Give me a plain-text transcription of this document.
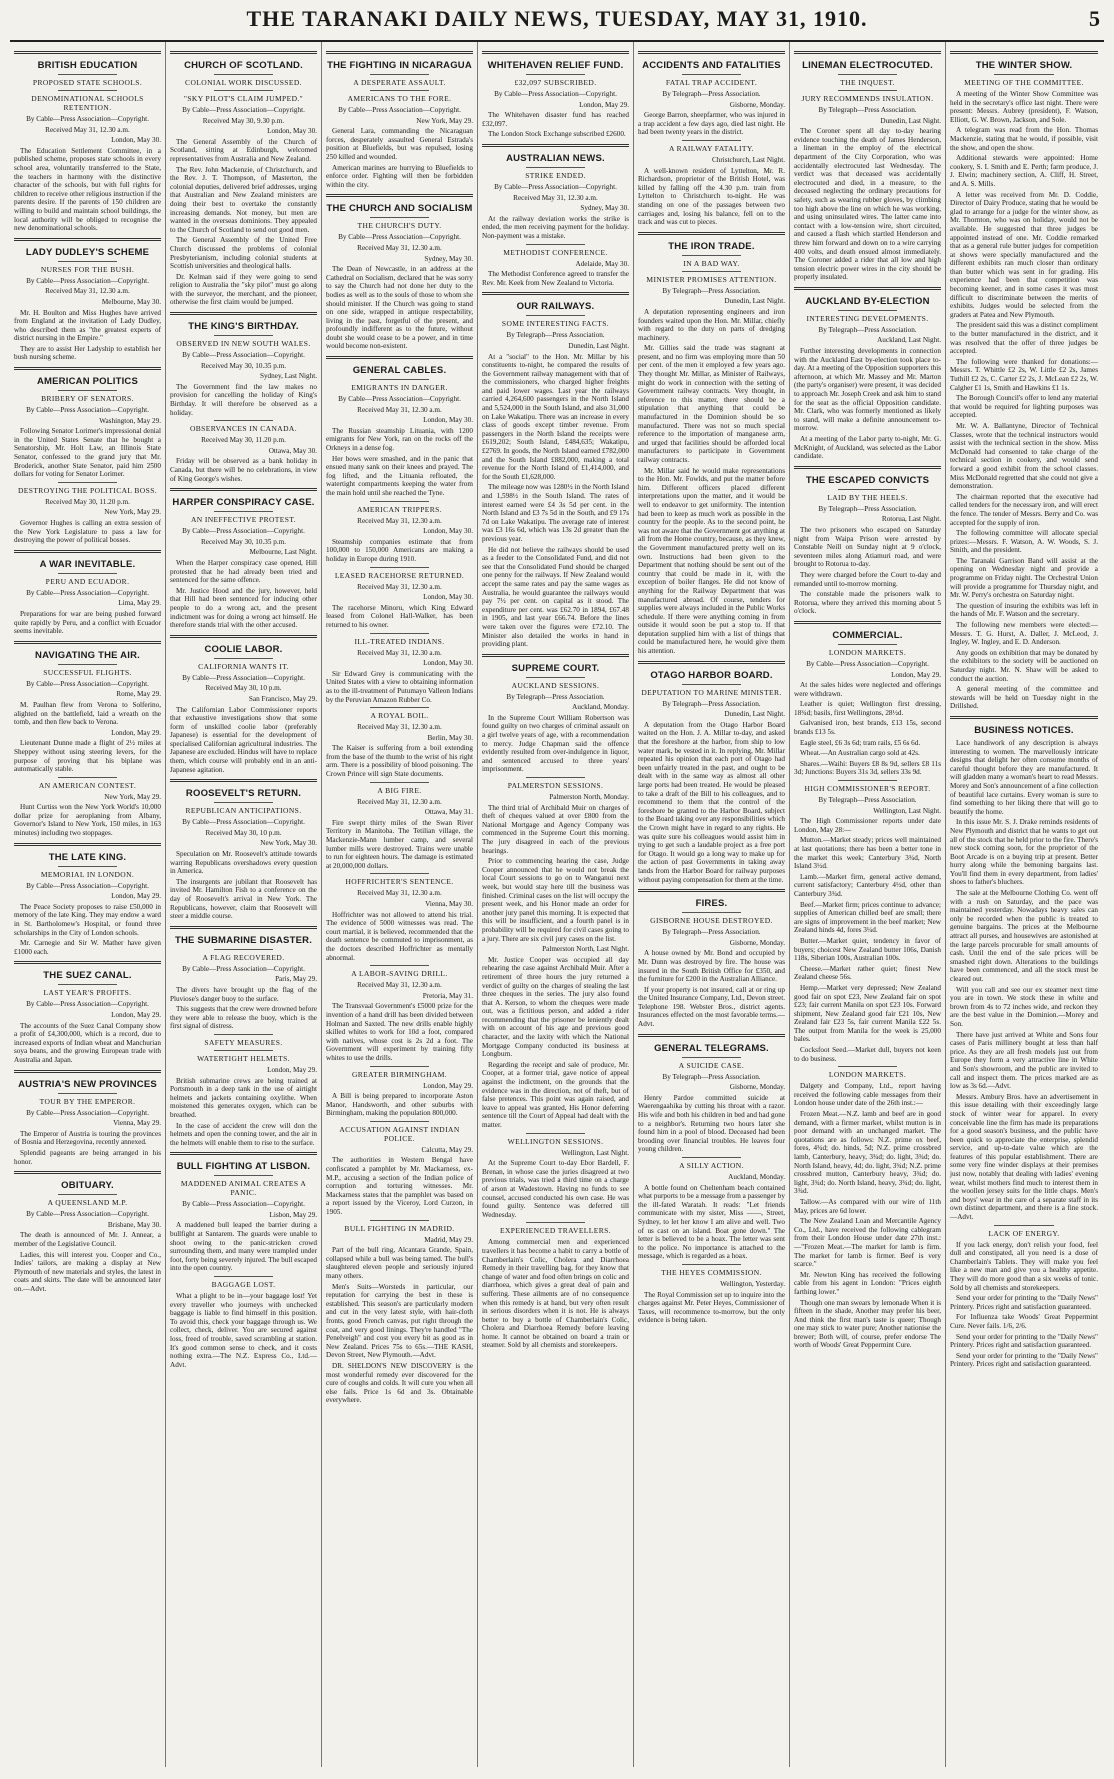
THE TARANAKI DAILY NEWS, TUESDAY, MAY 31, 1910.	5
BRITISH EDUCATION
PROPOSED STATE SCHOOLS.
DENOMINATIONAL SCHOOLS RETENTION.

By Cable—Press Association—Copyright.

Received May 31, 12.30 a.m.

London, May 30.

The Education Settlement Committee, in a published scheme, proposes state schools in every school area, voluntarily transferred to the State, the teachers in harmony with the distinctive character of the schools, but with full rights for children to receive other religious instruction if the parents desire. If the parents of 150 children are willing to build and maintain school buildings, the local authority will be obliged to recognise the new denominational schools.

LADY DUDLEY'S SCHEME
NURSES FOR THE BUSH.

By Cable—Press Association—Copyright.

Received May 31, 12.30 a.m.

Melbourne, May 30.

Mr. H. Boulton and Miss Hughes have arrived from England at the invitation of Lady Dudley, who described them as "the greatest experts of district nursing in the Empire."

They are to assist Her Ladyship to establish her bush nursing scheme.

AMERICAN POLITICS
BRIBERY OF SENATORS.

By Cable—Press Association—Copyright.

Washington, May 29.

Following Senator Lorimer's impressional denial in the United States Senate that he bought a Senatorship, Mr. Holt Law, an Illinois State Senator, confessed to the grand jury that Mr. Broderick, another State Senator, paid him 2500 dollars for voting for Senator Lorimer.

DESTROYING THE POLITICAL BOSS.

Received May 30, 11.20 p.m.

New York, May 29.

Governor Hughes is calling an extra session of the New York Legislature to pass a law for destroying the power of political bosses.

A WAR INEVITABLE.
PERU AND ECUADOR.

By Cable—Press Association—Copyright.

Lima, May 29.

Preparations for war are being pushed forward quite rapidly by Peru, and a conflict with Ecuador seems inevitable.

NAVIGATING THE AIR.
SUCCESSFUL FLIGHTS.

By Cable—Press Association—Copyright.

Rome, May 29.

M. Paulhan flew from Verona to Solferino, alighted on the battlefield, laid a wreath on the tomb, and then flew back to Verona.

London, May 29.

Lieutenant Dunne made a flight of 2½ miles at Sheppey without using steering levers, for the purpose of proving that his biplane was automatically stable.

AN AMERICAN CONTEST.

New York, May 29.

Hunt Curtiss won the New York World's 10,000 dollar prize for aeroplaning from Albany, Governor's Island to New York, 150 miles, in 163 minutes) including two stoppages.

THE LATE KING.
MEMORIAL IN LONDON.

By Cable—Press Association—Copyright.

London, May 29.

The Peace Society proposes to raise £50,000 in memory of the late King. They may endow a ward in St. Bartholomew's Hospital, or found three scholarships in the City of London schools.

Mr. Carnegie and Sir W. Mather have given £1000 each.

THE SUEZ CANAL.
LAST YEAR'S PROFITS.

By Cable—Press Association—Copyright.

London, May 29.

The accounts of the Suez Canal Company show a profit of £4,300,000, which is a record, due to increased exports of Indian wheat and Manchurian soya beans, and the growing European trade with Australia and Japan.

AUSTRIA'S NEW PROVINCES
TOUR BY THE EMPEROR.

By Cable—Press Association—Copyright.

Vienna, May 29.

The Emperor of Austria is touring the provinces of Bosnia and Herzegovina, recently annexed.

Splendid pageants are being arranged in his honor.

OBITUARY.
A QUEENSLAND M.P.

By Cable—Press Association—Copyright.

Brisbane, May 30.

The death is announced of Mr. J. Annear, a member of the Legislative Council.

Ladies, this will interest you. Cooper and Co., Indies' tailors, are making a display at New Plymouth of new materials and styles, the latest in coats and skirts. The date will be announced later on.—Advt.

CHURCH OF SCOTLAND.
COLONIAL WORK DISCUSSED.
"SKY PILOT'S CLAIM JUMPED."

By Cable—Press Association—Copyright.

Received May 30, 9.30 p.m.

London, May 30.

The General Assembly of the Church of Scotland, sitting at Edinburgh, welcomed representatives from Australia and New Zealand.

The Rev. John Mackenzie, of Christchurch, and the Rev. J. T. Thompson, of Masterton, the colonial deputies, delivered brief addresses, urging that Australian and New Zealand ministers are doing their best to overtake the constantly increasing demands. Not money, but men are wanted in the overseas dominions. They appealed to the Church of Scotland to send out good men.

The General Assembly of the United Free Church discussed the problems of colonial Presbyterianism, including colonial students at Scottish universities and theological halls.

Dr. Kelman said if they were going to send religion to Australia the "sky pilot" must go along with the surveyor, the merchant, and the pioneer, otherwise the first claim would be jumped.

THE KING'S BIRTHDAY.
OBSERVED IN NEW SOUTH WALES.

By Cable—Press Association—Copyright.

Received May 30, 10.35 p.m.

Sydney, Last Night.

The Government find the law makes no provision for cancelling the holiday of King's Birthday. It will therefore be observed as a holiday.

OBSERVANCES IN CANADA.

Received May 30, 11.20 p.m.

Ottawa, May 30.

Friday will be observed as a bank holiday in Canada, but there will be no celebrations, in view of King George's wishes.

HARPER CONSPIRACY CASE.
AN INEFFECTIVE PROTEST.

By Cable—Press Association—Copyright.

Received May 30, 10.35 p.m.

Melbourne, Last Night.

When the Harper conspiracy case opened, Hill protested that he had already been tried and sentenced for the same offence.

Mr. Justice Hood and the jury, however, held that Hill had been sentenced for inducing other people to do a wrong act, and the present indictment was for doing a wrong act himself. He therefore stands trial with the other accused.

COOLIE LABOR.
CALIFORNIA WANTS IT.

By Cable—Press Association—Copyright.

Received May 30, 10 p.m.

San Francisco, May 29.

The Californian Labor Commissioner reports that exhaustive investigations show that some form of unskilled coolie labor (preferably Japanese) is essential for the development of specialised Californian agricultural industries. The Japanese are excluded. Hindus will have to replace them, which course will probably end in an anti-Japanese agitation.

ROOSEVELT'S RETURN.
REPUBLICAN ANTICIPATIONS.

By Cable—Press Association—Copyright.

Received May 30, 10 p.m.

New York, May 30.

Speculation on Mr. Roosevelt's attitude towards warring Republicans overshadows every question in America.

The insurgents are jubilant that Roosevelt has invited Mr. Hamilton Fish to a conference on the day of Roosevelt's arrival in New York. The Republicans, however, claim that Roosevelt will steer a middle course.

THE SUBMARINE DISASTER.
A FLAG RECOVERED.

By Cable—Press Association—Copyright.

Paris, May 29.

The divers have brought up the flag of the Pluviose's danger buoy to the surface.

This suggests that the crew were drowned before they were able to release the buoy, which is the first signal of distress.

SAFETY MEASURES.
WATERTIGHT HELMETS.

London, May 29.

British submarine crews are being trained at Portsmouth in a deep tank in the use of airtight helmets and jackets containing oxylithe. When moistened this generates oxygen, which can be breathed.

In the case of accident the crew will don the helmets and open the conning tower, and the air in the helmets will enable them to rise to the surface.

BULL FIGHTING AT LISBON.
MADDENED ANIMAL CREATES A PANIC.

By Cable—Press Association—Copyright.

Lisbon, May 29.

A maddened bull leaped the barrier during a bullfight at Santarem. The guards were unable to shoot owing to the panic-stricken crowd surrounding them, and many were trampled under foot, forty being severely injured. The bull escaped into the open country.

BAGGAGE LOST.

What a plight to be in—your baggage lost! Yet every traveller who journeys with unchecked baggage is liable to find himself in this position. To avoid this, check your baggage through us. We collect, check, deliver. You are secured against loss, freed of trouble, saved scrambling at station. It's good common sense to check, and it costs nothing extra.—The N.Z. Express Co., Ltd.—Advt.

THE FIGHTING IN NICARAGUA
A DESPERATE ASSAULT.
AMERICANS TO THE FORE.

By Cable—Press Association—Copyright.

New York, May 29.

General Lara, commanding the Nicaraguan forces, desperately assaulted General Estrada's position at Bluefields, but was repulsed, losing 250 killed and wounded.

American marines are hurrying to Bluefields to enforce order. Fighting will then be forbidden within the city.

THE CHURCH AND SOCIALISM
THE CHURCH'S DUTY.

By Cable—Press Association—Copyright.

Received May 31, 12.30 a.m.

Sydney, May 30.

The Dean of Newcastle, in an address at the Cathedral on Socialism, declared that he was sorry to say the Church had not done her duty to the bodies as well as to the souls of those to whom she should minister. If the Church was going to stand on one side, wrapped in antique respectability, living in the past, forgetful of the present, and profoundly indifferent as to the future, without doubt she would cease to be a power, and in time would become non-existent.

GENERAL CABLES.
EMIGRANTS IN DANGER.

By Cable—Press Association—Copyright.

Received May 31, 12.30 a.m.

London, May 30.

The Russian steamship Lituania, with 1200 emigrants for New York, ran on the rocks off the Orkneys in a dense fog.

Her bows were smashed, and in the panic that ensued many sank on their knees and prayed. The fog lifted, and the Lituania refloated, the watertight compartments keeping the water from the main hold until she reached the Tyne.

AMERICAN TRIPPERS.

Received May 31, 12.30 a.m.

London, May 30.

Steamship companies estimate that from 100,000 to 150,000 Americans are making a holiday in Europe during 1910.

LEASED RACEHORSE RETURNED.

Received May 31, 12.30 a.m.

London, May 30.

The racehorse Minoru, which King Edward leased from Colonel Hall-Walker, has been returned to his owner.

ILL-TREATED INDIANS.

Received May 31, 12.30 a.m.

London, May 30.

Sir Edward Grey is communicating with the United States with a view to obtaining information as to the ill-treatment of Putumayo Valleon Indians by the Peruvian Amazon Rubber Co.

A ROYAL BOIL.

Received May 31, 12.30 a.m.

Berlin, May 30.

The Kaiser is suffering from a boil extending from the base of the thumb to the wrist of his right arm. There is a possibility of blood poisoning. The Crown Prince will sign State documents.

A BIG FIRE.

Received May 31, 12.30 a.m.

Ottawa, May 31.

Fire swept thirty miles of the Swan River Territory in Manitoba. The Tetilian village, the Mackenzie-Mann lumber camp, and several lumber mills were destroyed. Trains were unable to run for eighteen hours. The damage is estimated at 20,000,000 dollars.

HOFFRICHTER'S SENTENCE.

Received May 31, 12.30 a.m.

Vienna, May 30.

Hoffrichter was not allowed to attend his trial. The evidence of 5000 witnesses was read. The court martial, it is believed, recommended that the death sentence be commuted to imprisonment, as the doctors described Hoffrichter as mentally abnormal.

A LABOR-SAVING DRILL.

Received May 31, 12.30 a.m.

Pretoria, May 31.

The Transvaal Government's £5000 prize for the invention of a hand drill has been divided between Holman and Saxted. The new drills enable highly skilled whites to work for 10d a foot, compared with natives, whose cost is 2s 2d a foot. The Government will experiment by training fifty whites to use the drills.

GREATER BIRMINGHAM.

London, May 29.

A Bill is being prepared to incorporate Aston Manor, Handsworth, and other suburbs with Birmingham, making the population 800,000.

ACCUSATION AGAINST INDIAN POLICE.

Calcutta, May 29.

The authorities in Western Bengal have confiscated a pamphlet by Mr. Mackarness, ex-M.P., accusing a section of the Indian police of corruption and torturing witnesses. Mr. Mackarness states that the pamphlet was based on a report issued by the Viceroy, Lord Curzon, in 1905.

BULL FIGHTING IN MADRID.

Madrid, May 29.

Part of the bull ring, Alcantara Grande, Spain, collapsed while a bull was being tamed. The bull's slaughtered eleven people and seriously injured many others.

Men's Suits—Worsteds in particular, our reputation for carrying the best in these is established. This season's are particularly modern and cut in the very latest style, with hair-cloth fronts, good French canvas, put right through the coat, and very good linings. They're handled "The Penelveigh" and cost you every bit as good as in New Zealand. Prices 75s to 65s.—THE KASH, Devon Street, New Plymouth.—Advt.

DR. SHELDON'S NEW DISCOVERY is the most wonderful remedy ever discovered for the cure of coughs and colds. It will cure you when all else fails. Price 1s 6d and 3s. Obtainable everywhere.

WHITEHAVEN RELIEF FUND.
£32,097 SUBSCRIBED.

By Cable—Press Association—Copyright.

London, May 29.

The Whitehaven disaster fund has reached £32,097.

The London Stock Exchange subscribed £2600.

AUSTRALIAN NEWS.
STRIKE ENDED.

By Cable—Press Association—Copyright.

Received May 31, 12.30 a.m.

Sydney, May 30.

At the railway deviation works the strike is ended, the men receiving payment for the holiday. Non-payment was a mistake.

METHODIST CONFERENCE.

Adelaide, May 30.

The Methodist Conference agreed to transfer the Rev. Mr. Keek from New Zealand to Victoria.

OUR RAILWAYS.
SOME INTERESTING FACTS.

By Telegraph—Press Association.

Dunedin, Last Night.

At a "social" to the Hon. Mr. Millar by his constituents to-night, he compared the results of the Government railway management with that of the commissioners, who charged higher freights and paid lower wages. Last year the railways carried 4,264,600 passengers in the North Island and 5,524,000 in the South Island, and also 31,000 on Lake Wakatipu. There was an increase in every class of goods except timber revenue. From passengers in the North Island the receipts were £619,202; South Island, £484,635; Wakatipu, £2769. In goods, the North Island earned £782,000 and the South Island £882,000, making a total revenue for the North Island of £1,414,000, and for the South £1,628,000.

The mileage now was 1280½ in the North Island and 1,598½ in the South Island. The rates of interest earned were £4 3s 5d per cent. in the North Island and £3 7s 5d in the South, and £9 17s 7d on Lake Wakatipu. The average rate of interest was £3 16s 6d, which was 13s 2d greater than the previous year.

He did not believe the railways should be used as a feeder to the Consolidated Fund, and did not see that the Consolidated Fund should be charged one penny for the railways. If New Zealand would accept the same rates and pay the same wages as Australia, he would guarantee the railways would pay 7½ per cent. on capital as it stood. The expenditure per cent. was £62.70 in 1894, £67.48 in 1905, and last year £66.74. Before the lines were taken over the figures were £72.10. The Minister also detailed the works in hand in providing plant.

SUPREME COURT.
AUCKLAND SESSIONS.

By Telegraph—Press Association.

Auckland, Monday.

In the Supreme Court William Robertson was found guilty on two charges of criminal assault on a girl twelve years of age, with a recommendation to mercy. Judge Chapman said the offence evidently resulted from over-indulgence in liquor, and sentenced accused to three years' imprisonment.

PALMERSTON SESSIONS.

Palmerston North, Monday.

The third trial of Archibald Muir on charges of theft of cheques valued at over £800 from the National Mortgage and Agency Company was commenced in the Supreme Court this morning. The jury disagreed in each of the previous hearings.

Prior to commencing hearing the case, Judge Cooper announced that he would not break the local Court sessions to go on to Wanganui next week, but would stay here till the business was finished. Criminal cases on the list will occupy the present week, and his Honor made an order for another jury panel this morning. It is expected that this will be insufficient, and a fourth panel is in probability will be required for civil cases going to a jury. There are six civil jury cases on the list.

Palmerston North, Last Night.

Mr. Justice Cooper was occupied all day rehearing the case against Archibald Muir. After a retirement of three hours the jury returned a verdict of guilty on the charges of stealing the last three cheques in the series. The jury also found that A. Kerson, to whom the cheques were made out, was a fictitious person, and added a rider recommending that the prisoner be leniently dealt with on account of his age and previous good character, and the laxity with which the National Mortgage Company conducted its business at Longburn.

Regarding the receipt and sale of produce, Mr. Cooper, at a former trial, gave notice of appeal against the indictment, on the grounds that the evidence was in the direction, not of theft, but of false pretences. This point was again raised, and leave to appeal was granted, His Honor deferring sentence till the Court of Appeal had dealt with the matter.

WELLINGTON SESSIONS.

Wellington, Last Night.

At the Supreme Court to-day Ebor Bardell, F. Brenan, in whose case the juries disagreed at two previous trials, was tried a third time on a charge of arson at Wadestown. Having no funds to see counsel, accused conducted his own case. He was found guilty. Sentence was deferred till Wednesday.

EXPERIENCED TRAVELLERS.

Among commercial men and experienced travellers it has become a habit to carry a bottle of Chamberlain's Colic, Cholera and Diarrhoea Remedy in their travelling bag, for they know that change of water and food often brings on colic and diarrhoea, which gives a great deal of pain and suffering. These ailments are of no consequence when this remedy is at hand, but very often result in serious disorders when it is not. He is always better to buy a bottle of Chamberlain's Colic, Cholera and Diarrhoea Remedy before leaving home. It cannot be obtained on board a train or steamer. Sold by all chemists and storekeepers.

ACCIDENTS AND FATALITIES
FATAL TRAP ACCIDENT.

By Telegraph—Press Association.

Gisborne, Monday.

George Barron, sheepfarmer, who was injured in a trap accident a few days ago, died last night. He had been twenty years in the district.

A RAILWAY FATALITY.

Christchurch, Last Night.

A well-known resident of Lyttelton, Mr. R. Richardson, proprietor of the British Hotel, was killed by falling off the 4.30 p.m. train from Lyttelton to Christchurch to-night. He was standing on one of the passages between two carriages and, losing his balance, fell on to the track and was cut to pieces.

THE IRON TRADE.
IN A BAD WAY.
MINISTER PROMISES ATTENTION.

By Telegraph—Press Association.

Dunedin, Last Night.

A deputation representing engineers and iron founders waited upon the Hon. Mr. Millar, chiefly with regard to the duty on parts of dredging machinery.

Mr. Gillies said the trade was stagnant at present, and no firm was employing more than 50 per cent. of the men it employed a few years ago. They thought Mr. Millar, as Minister of Railways, might do work in connection with the setting of Government railway contracts. Very thought, in reference to this matter, there should be a stipulation that anything that could be manufactured in the Dominion should be so manufactured. There was not so much special reference to the importation of manganese arm, and urged that facilities should be afforded local manufacturers to participate in Government railway contracts.

Mr. Millar said he would make representations to the Hon. Mr. Fowlds, and put the matter before him. Different officers placed different interpretations upon the matter, and it would be well to endeavor to get uniformity. The intention had been to keep as much work as possible in the country for the people. As to the second point, he was not aware that the Government got anything at all from the Home country, because, as they knew, the Government manufactured pretty well on its own. Instructions had been given to the Department that nothing should be sent out of the country that could be made in it, with the exception of boiler flanges. He did not know of anything for the Railway Department that was manufactured abroad. Of course, tenders for supplies were always included in the Public Works schedule. If there were anything coming in from outside it would soon be put a stop to. If that deputation supplied him with a list of things that could be manufactured here, he would give them his attention.

OTAGO HARBOR BOARD.
DEPUTATION TO MARINE MINISTER.

By Telegraph—Press Association.

Dunedin, Last Night.

A deputation from the Otago Harbor Board waited on the Hon. J. A. Millar to-day, and asked that the foreshore at the harbor, from ship to low water mark, be vested in it. In replying, Mr. Millar repeated his opinion that each port of Otago had been unfairly treated in the past, and ought to be dealt with in the same way as almost all other large ports had been treated. He would be pleased to take a draft of the Bill to his colleagues, and to recommend to them that the control of the foreshore be granted to the Harbor Board, subject to the Board taking over any responsibilities which the Crown might have in regard to any rights. He was quite sure his colleagues would assist him in trying to get such a laudable project as a free port for Otago. It would go a long way to make up for the action of past Governments in taking away lands from the Harbor Board for railway purposes without paying compensation for them at the time.

FIRES.
GISBORNE HOUSE DESTROYED.

By Telegraph—Press Association.

Gisborne, Monday.

A house owned by Mr. Bond and occupied by Mr. Dunn was destroyed by fire. The house was insured in the South British Office for £350, and the furniture for £200 in the Australian Alliance.

If your property is not insured, call at or ring up the United Insurance Company, Ltd., Devon street. Telephone 198. Webster Bros., district agents. Insurances effected on the most favorable terms.—Advt.

GENERAL TELEGRAMS.
A SUICIDE CASE.

By Telegraph—Press Association.

Gisborne, Monday.

Henry Pardoe committed suicide at Waerengaahika by cutting his throat with a razor. His wife and both his children in bed and had gone to a neighbor's. Returning two hours later she found him in a pool of blood. Deceased had been brooding over financial troubles. He leaves four young children.

A SILLY ACTION.

Auckland, Monday.

A bottle found on Cheltenham beach contained what purports to be a message from a passenger by the ill-fated Waratah. It reads: "Let friends communicate with my sister, Miss ——, Street, Sydney, to let her know I am alive and well. Two of us cast on an island. Boat gone down." The letter is believed to be a hoax. The letter was sent to the police. No importance is attached to the message, which is regarded as a hoax.

THE HEYES COMMISSION.

Wellington, Yesterday.

The Royal Commission set up to inquire into the charges against Mr. Peter Heyes, Commissioner of Taxes, will recommence to-morrow, but the only evidence is being taken.

LINEMAN ELECTROCUTED.
THE INQUEST.
JURY RECOMMENDS INSULATION.

By Telegraph—Press Association.

Dunedin, Last Night.

The Coroner spent all day to-day hearing evidence touching the death of James Henderson, a lineman in the employ of the electrical department of the City Corporation, who was accidentally electrocuted last Wednesday. The verdict was that deceased was accidentally electrocuted and died, in a measure, to the deceased neglecting the ordinary precautions for safety, such as wearing rubber gloves, by climbing too high above the line on which he was working, and using uninsulated wires. The latter came into contact with a low-tension wire, short circuited, and caused a flash which startled Henderson and threw him forward and down on to a wire carrying 400 volts, and death ensued almost immediately. The Coroner added a rider that all low and high tension electric power wires in the city should be properly insulated.

AUCKLAND BY-ELECTION
INTERESTING DEVELOPMENTS.

By Telegraph—Press Association.

Auckland, Last Night.

Further interesting developments in connection with the Auckland East by-election took place to-day. At a meeting of the Opposition supporters this afternoon, at which Mr. Massey and Mr. Marton (the party's organiser) were present, it was decided to approach Mr. Joseph Creek and ask him to stand for the seat as the official Opposition candidate. Mr. Clark, who was formerly mentioned as likely to stand, will make a definite announcement to-morrow.

At a meeting of the Labor party to-night, Mr. G. McKnight, of Auckland, was selected as the Labor candidate.

THE ESCAPED CONVICTS
LAID BY THE HEELS.

By Telegraph—Press Association.

Rotorua, Last Night.

The two prisoners who escaped on Saturday night from Waipa Prison were arrested by Constable Neill on Sunday night at 9 o'clock, seventeen miles along Atiamuri road, and were brought to Rotorua to-day.

They were charged before the Court to-day and remanded until to-morrow morning.

The constable made the prisoners walk to Rotorua, where they arrived this morning about 5 o'clock.

COMMERCIAL.
LONDON MARKETS.

By Cable—Press Association—Copyright.

London, May 29.

At the sales hides were neglected and offerings were withdrawn.

Leather is quiet; Wellington first dressing, 18¾d; basils, first Wellingtons, 28½d.

Galvanised iron, best brands, £13 15s, second brands £13 5s.

Eagle steel, £6 3s 6d; tram rails, £5 6s 6d.

Wheat.—An Australian cargo sold at 42s.

Shares.—Waihi: Buyers £8 8s 9d, sellers £8 11s 3d; Junctions: Buyers 31s 3d, sellers 33s 9d.

HIGH COMMISSIONER'S REPORT.

By Telegraph—Press Association.

Wellington, Last Night.

The High Commissioner reports under date London, May 28:—

Mutton.—Market steady; prices well maintained at last quotations; there has been a better tone in the market this week; Canterbury 3¾d, North Island 3½d.

Lamb.—Market firm, general active demand, current satisfactory; Canterbury 4½d, other than Canterbury 3¾d.

Beef.—Market firm; prices continue to advance; supplies of American chilled beef are small; there are signs of improvement in the beef market; New Zealand hinds 4d, fores 3¼d.

Butter.—Market quiet, tendency in favor of buyers; choicest New Zealand butter 106s, Danish 118s, Siberian 100s, Australian 100s.

Cheese.—Market rather quiet; finest New Zealand cheese 56s.

Hemp.—Market very depressed; New Zealand good fair on spot £23, New Zealand fair on spot £23; fair current Manila on spot £23 10s. Forward shipment, New Zealand good fair £21 10s, New Zealand fair £23 5s, fair current Manila £22 5s. The output from Manila for the week is 25,000 bales.

Cocksfoot Seed.—Market dull, buyers not keen to do business.

LONDON MARKETS.

Dalgety and Company, Ltd., report having received the following cable messages from their London house under date of the 26th inst.:—

Frozen Meat.—N.Z. lamb and beef are in good demand, with a firmer market, whilst mutton is in poor demand with an unchanged market. The quotations are as follows: N.Z. prime ox beef, fores, 4¾d; do. hinds, 5d; N.Z. prime crossbred lamb, Canterbury, heavy, 3¾d; do. light, 3¾d; do. North Island, heavy, 4d; do. light, 3¾d; N.Z. prime crossbred mutton, Canterbury heavy, 3¾d; do. light, 3¾d; do. North Island, heavy, 3¾d; do. light, 3¾d.

Tallow.—As compared with our wire of 11th May, prices are 6d lower.

The New Zealand Loan and Mercantile Agency Co., Ltd., have received the following cablegram from their London House under date 27th inst.:—"Frozen Meat.—The market for lamb is firm. The market for lamb is firmer. Beef is very scarce."

Mr. Newton King has received the following cable from his agent in London: "Prices eighth farthing lower."

Though one man swears by lemonade When it is fifteen in the shade, Another may prefer his beer, And think the first man's taste is queer; Though one may stick to water pure; Another nationise the brewer; Both will, of course, prefer endorse The worth of Woods' Great Peppermint Cure.

THE WINTER SHOW.
MEETING OF THE COMMITTEE.

A meeting of the Winter Show Committee was held in the secretary's office last night. There were present: Messrs. Aubrey (president), F. Watson, Elliott, G. W. Brown, Jackson, and Sole.

A telegram was read from the Hon. Thomas Mackenzie, stating that he would, if possible, visit the show, and open the show.

Additional stewards were appointed: Home cookery, S. I. Smith and E. Perth; farm produce, J. J. Elwin; machinery section, A. Cliff, H. Street, and A. S. Mills.

A letter was received from Mr. D. Coddie, Director of Dairy Produce, stating that he would be glad to arrange for a judge for the winter show, as Mr. Thornton, who was on holiday, would not be available. He suggested that three judges be appointed instead of one. Mr. Coddie remarked that as a general rule butter judges for competition at shows were specially manufactured and the different exhibits ran much closer than ordinary than butter which was sent in for grading. His experience had been that competition was becoming keener, and in some cases it was most difficult to discriminate between the merits of exhibits. Judges would be selected from the graders at Patea and New Plymouth.

The president said this was a distinct compliment to the butter manufactured in the district, and it was resolved that the offer of three judges be accepted.

The following were thanked for donations:—Messrs. T. Whittle £2 2s, W. Little £2 2s, James Tuthill £2 2s, C. Carter £2 2s, J. McLean £2 2s, W. Calgher £1 1s, Smith and Hawkins £1 1s.

The Borough Council's offer to lend any material that would be required for lighting purposes was accepted.

Mr. W. A. Ballantyne, Director of Technical Classes, wrote that the technical instructors would assist with the technical section in the show. Miss McDonald had consented to take charge of the technical section in cookery, and would send forward a good exhibit from the school classes. Miss McDonald regretted that she could not give a demonstration.

The chairman reported that the executive had called tenders for the necessary iron, and will erect the fence. The tender of Messrs. Berry and Co. was accepted for the supply of iron.

The following committee will allocate special prizes:—Messrs. F. Watson, A. W. Woods, S. J. Smith, and the president.

The Taranaki Garrison Band will assist at the opening on Wednesday night and provide a programme on Friday night. The Orchestral Union will provide a programme for Thursday night, and Mr. W. Perry's orchestra on Saturday night.

The question of insuring the exhibits was left in the hands of Mr. F. Watson and the secretary.

The following new members were elected:—Messrs. T. G. Hurst, A. Daller, J. McLeod, J. Ingley, W. Ingley, and E. D. Anderson.

Any goods on exhibition that may be donated by the exhibitors to the society will be auctioned on Saturday night. Mr. N. Shaw will be asked to conduct the auction.

A general meeting of the committee and stewards will be held on Tuesday night in the Drillshed.

BUSINESS NOTICES.

Lace handiwork of any description is always interesting to women. The marvellously intricate designs that delight her often consume months of careful thought before they are manufactured. It will gladden many a woman's heart to read Messrs. Morey and Son's announcement of a fine collection of beautiful lace curtains. Every woman is sure to find something to her liking there that will go to beautify the home.

In this issue Mr. S. J. Drake reminds residents of New Plymouth and district that he wants to get out all of the stock that he held prior to the fire. There's new stock coming soon, for the proprietor of the Boot Arcade is on a buying trip at present. Better hurry along while the bemoning bargains last. You'll find them in every department, from ladies' shoes to father's bluchers.

The sale at the Melbourne Clothing Co. went off with a rush on Saturday, and the pace was maintained yesterday. Nowadays heavy sales can only be recorded when the public is treated to genuine bargains. The prices at the Melbourne attract all purses, and housewives are astonished at the large parcels procurable for small amounts of cash. Until the end of the sale prices will be smashed right down. Alterations to the buildings have been commenced, and all the stock must be cleared out.

Will you call and see our ex steamer next time you are in town. We stock these in white and brown from 4s to 72 inches wide, and reckon they are the best value in the Dominion.—Morey and Son.

There have just arrived at White and Sons four cases of Paris millinery bought at less than half price. As they are all fresh models just out from Europe they form a very attractive line in White and Son's showroom, and the public are invited to call and inspect them. The prices marked are as low as 3s 6d.—Advt.

Messrs. Ambury Bros. have an advertisement in this issue detailing with their exceedingly large stock of winter wear for apparel. In every conceivable line the firm has made its preparations for a good season's business, and the public have been quick to appreciate the enterprise, splendid service, and up-to-date value which are the features of this popular establishment. There are some very fine winder displays at their premises just now, notably that dealing with ladies' evening wear, whilst mothers find much to interest them in the woollen jersey suits for the little chaps. Men's and boys' wear in the care of a separate staff in its own distinct department, and there is a fine stock.—Advt.

LACK OF ENERGY.

If you lack energy, don't relish your food, feel dull and constipated, all you need is a dose of Chamberlain's Tablets. They will make you feel like a new man and give you a healthy appetite. They will do more good than a six weeks of tonic. Sold by all chemists and storekeepers.

Send your order for printing to the "Daily News" Printery. Prices right and satisfaction guaranteed.

For Influenza take Woods' Great Peppermint Cure. Never fails. 1/6, 2/6.

Send your order for printing to the "Daily News" Printery. Prices right and satisfaction guaranteed.

Send your order for printing to the "Daily News" Printery. Prices right and satisfaction guaranteed.
